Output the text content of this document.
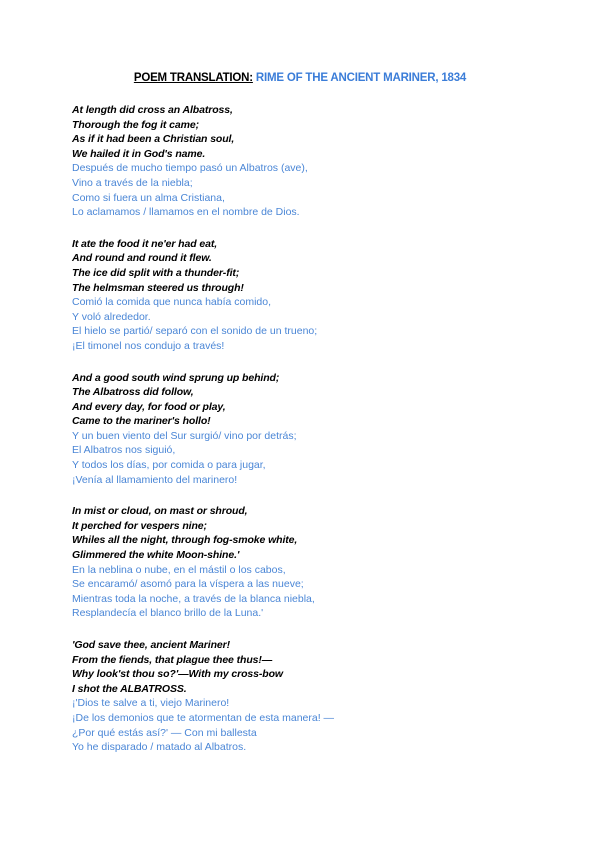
POEM TRANSLATION: RIME OF THE ANCIENT MARINER, 1834
At length did cross an Albatross,
Thorough the fog it came;
As if it had been a Christian soul,
We hailed it in God's name.
Después de mucho tiempo pasó un Albatros (ave),
Vino a través de la niebla;
Como si fuera un alma Cristiana,
Lo aclamamos / llamamos en el nombre de Dios.
It ate the food it ne'er had eat,
And round and round it flew.
The ice did split with a thunder-fit;
The helmsman steered us through!
Comió la comida que nunca había comido,
Y voló alrededor.
El hielo se partió/ separó con el sonido de un trueno;
¡El timonel nos condujo a través!
And a good south wind sprung up behind;
The Albatross did follow,
And every day, for food or play,
Came to the mariner's hollo!
Y un buen viento del Sur surgió/ vino por detrás;
El Albatros nos siguió,
Y todos los días, por comida o para jugar,
¡Venía al llamamiento del marinero!
In mist or cloud, on mast or shroud,
It perched for vespers nine;
Whiles all the night, through fog-smoke white,
Glimmered the white Moon-shine.'
En la neblina o nube, en el mástil o los cabos,
Se encaramó/ asomó para la víspera a las nueve;
Mientras toda la noche, a través de la blanca niebla,
Resplandecía el blanco brillo de la Luna.'
'God save thee, ancient Mariner!
From the fiends, that plague thee thus!—
Why look'st thou so?'—With my cross-bow
I shot the ALBATROSS.
¡'Dios te salve a ti, viejo Marinero!
¡De los demonios que te atormentan de esta manera! —
¿Por qué estás así?' — Con mi ballesta
Yo he disparado / matado al Albatros.
